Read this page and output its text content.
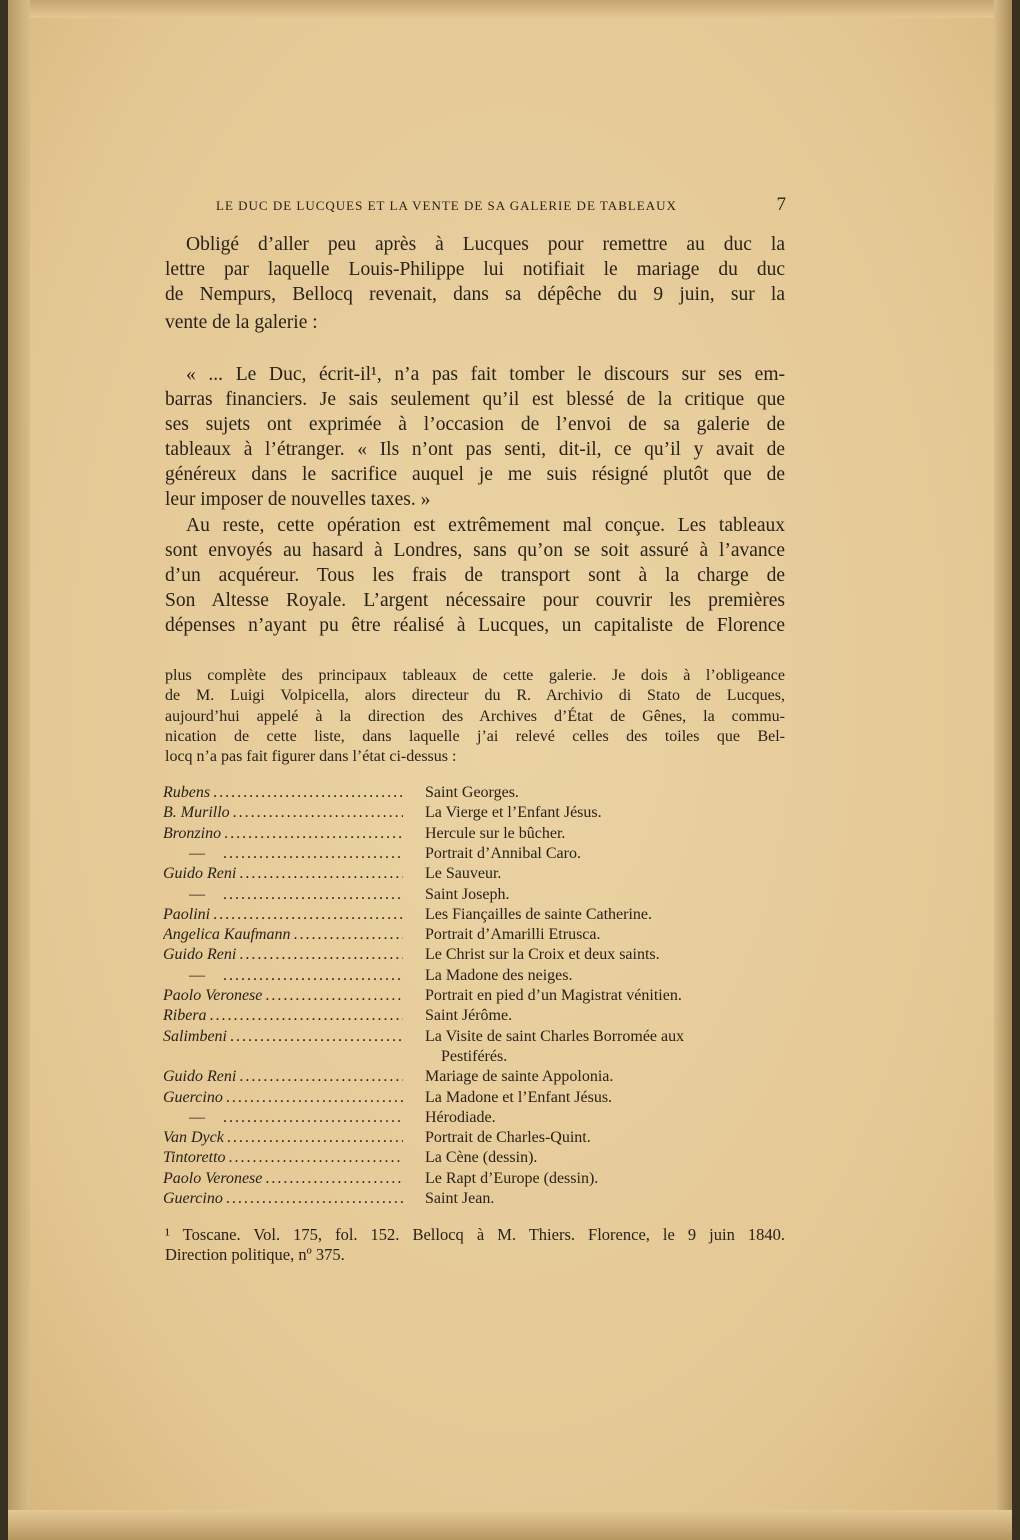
LE DUC DE LUCQUES ET LA VENTE DE SA GALERIE DE TABLEAUX	7
Obligé d’aller peu après à Lucques pour remettre au duc la
lettre par laquelle Louis-Philippe lui notifiait le mariage du duc
de Nempurs, Bellocq revenait, dans sa dépêche du 9 juin, sur la
vente de la galerie :
« ... Le Duc, écrit-il¹, n’a pas fait tomber le discours sur ses em-
barras financiers. Je sais seulement qu’il est blessé de la critique que
ses sujets ont exprimée à l’occasion de l’envoi de sa galerie de
tableaux à l’étranger. « Ils n’ont pas senti, dit-il, ce qu’il y avait de
généreux dans le sacrifice auquel je me suis résigné plutôt que de
leur imposer de nouvelles taxes. »
Au reste, cette opération est extrêmement mal conçue. Les tableaux
sont envoyés au hasard à Londres, sans qu’on se soit assuré à l’avance
d’un acquéreur. Tous les frais de transport sont à la charge de
Son Altesse Royale. L’argent nécessaire pour couvrir les premières
dépenses n’ayant pu être réalisé à Lucques, un capitaliste de Florence
plus complète des principaux tableaux de cette galerie. Je dois à l’obligeance
de M. Luigi Volpicella, alors directeur du R. Archivio di Stato de Lucques,
aujourd’hui appelé à la direction des Archives d’État de Gênes, la commu-
nication de cette liste, dans laquelle j’ai relevé celles des toiles que Bel-
locq n’a pas fait figurer dans l’état ci-dessus :
Rubens . . .	Saint Georges.
B. Murillo . . .	La Vierge et l’Enfant Jésus.
Bronzino . . .	Hercule sur le bûcher.
— . . .	Portrait d’Annibal Caro.
Guido Reni . . .	Le Sauveur.
— . . .	Saint Joseph.
Paolini . . .	Les Fiançailles de sainte Catherine.
Angelica Kaufmann . . .	Portrait d’Amarilli Etrusca.
Guido Reni . . .	Le Christ sur la Croix et deux saints.
— . . .	La Madone des neiges.
Paolo Veronese . . .	Portrait en pied d’un Magistrat vénitien.
Ribera . . .	Saint Jérôme.
Salimbeni . . .	La Visite de saint Charles Borromée aux
Pestiférés.
Guido Reni . . .	Mariage de sainte Appolonia.
Guercino . . .	La Madone et l’Enfant Jésus.
— . . .	Hérodiade.
Van Dyck . . .	Portrait de Charles-Quint.
Tintoretto . . .	La Cène (dessin).
Paolo Veronese . . .	Le Rapt d’Europe (dessin).
Guercino . . .	Saint Jean.
¹ Toscane. Vol. 175, fol. 152. Bellocq à M. Thiers. Florence, le 9 juin 1840.
Direction politique, nº 375.
